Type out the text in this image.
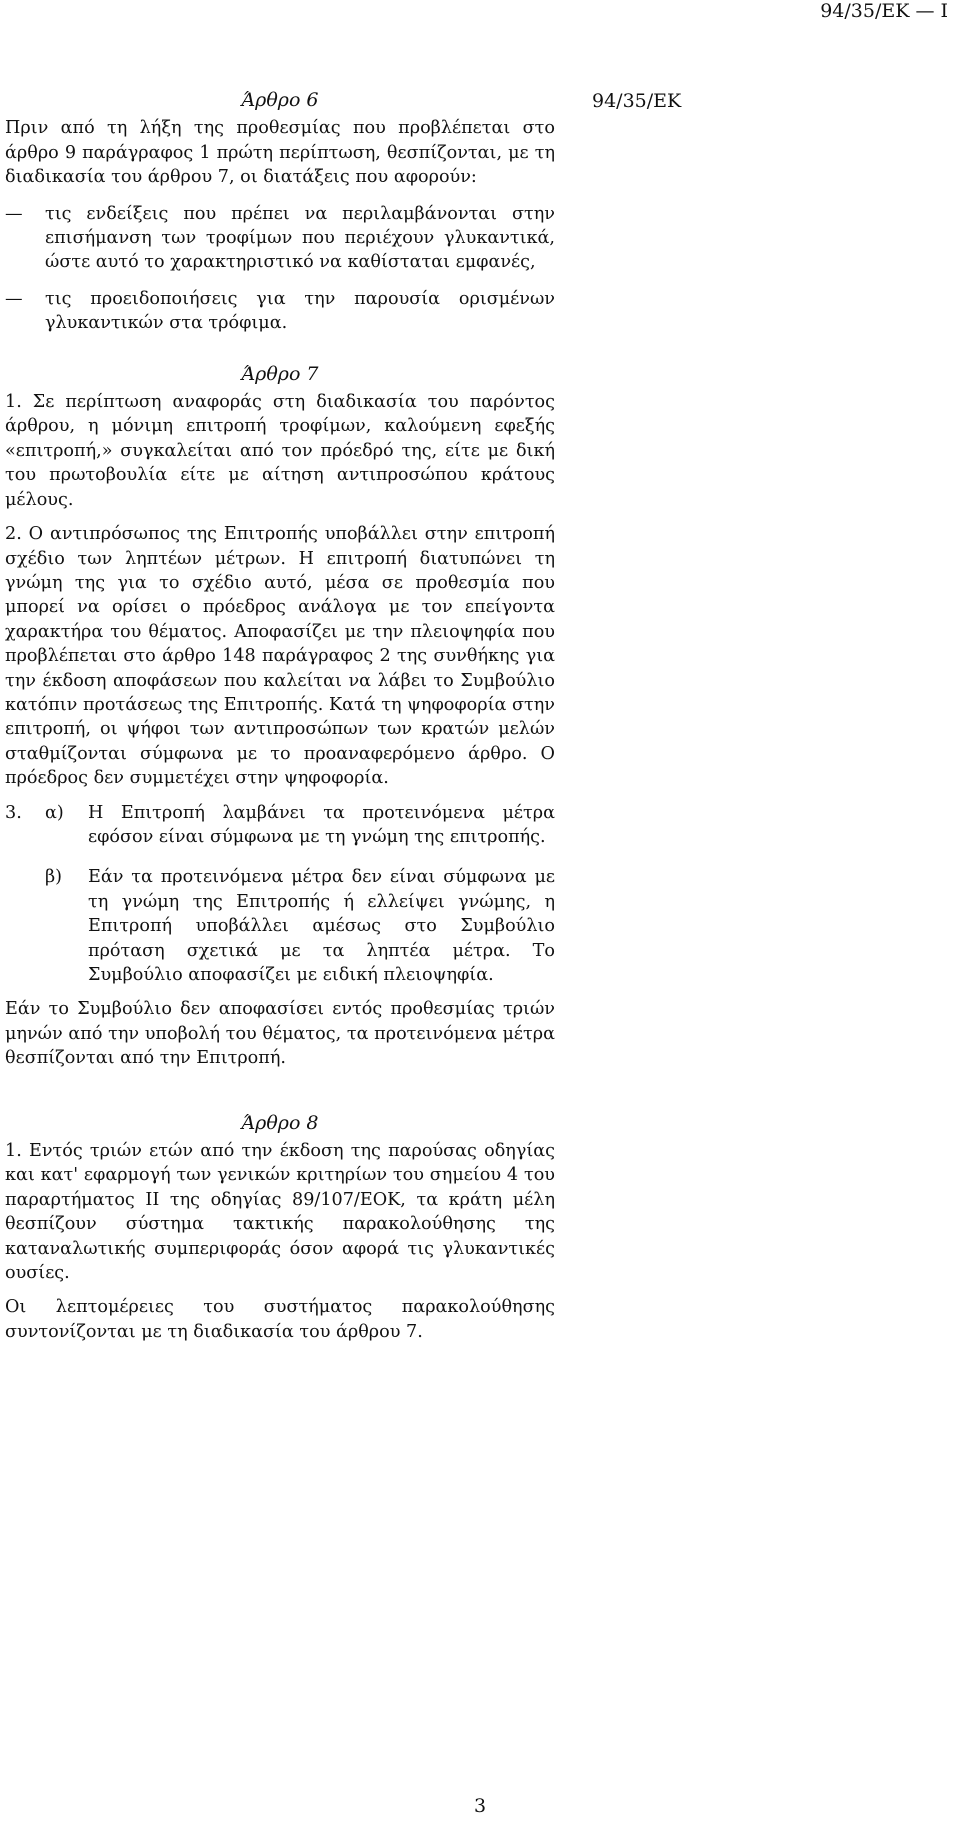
94/35/ΕΚ — I
94/35/ΕΚ
Άρθρο 6

Πριν από τη λήξη της προθεσμίας που προβλέπεται στο άρθρο 9 παράγραφος 1 πρώτη περίπτωση, θεσπίζονται, με τη διαδικασία του άρθρου 7, οι διατάξεις που αφορούν:

—	τις ενδείξεις που πρέπει να περιλαμβάνονται στην επισήμανση των τροφίμων που περιέχουν γλυκαντικά, ώστε αυτό το χαρακτηριστικό να καθίσταται εμφανές,
—	τις προειδοποιήσεις για την παρουσία ορισμένων γλυκαντικών στα τρόφιμα.
Άρθρο 7

1. Σε περίπτωση αναφοράς στη διαδικασία του παρόντος άρθρου, η μόνιμη επιτροπή τροφίμων, καλούμενη εφεξής «επιτροπή,» συγκαλείται από τον πρόεδρό της, είτε με δική του πρωτοβουλία είτε με αίτηση αντιπροσώπου κράτους μέλους.

2. Ο αντιπρόσωπος της Επιτροπής υποβάλλει στην επιτροπή σχέδιο των ληπτέων μέτρων. Η επιτροπή διατυπώνει τη γνώμη της για το σχέδιο αυτό, μέσα σε προθεσμία που μπορεί να ορίσει ο πρόεδρος ανάλογα με τον επείγοντα χαρακτήρα του θέματος. Αποφασίζει με την πλειοψηφία που προβλέπεται στο άρθρο 148 παράγραφος 2 της συνθήκης για την έκδοση αποφάσεων που καλείται να λάβει το Συμβούλιο κατόπιν προτάσεως της Επιτροπής. Κατά τη ψηφοφορία στην επιτροπή, οι ψήφοι των αντιπροσώπων των κρατών μελών σταθμίζονται σύμφωνα με το προαναφερόμενο άρθρο. Ο πρόεδρος δεν συμμετέχει στην ψηφοφορία.

3.	α)	Η Επιτροπή λαμβάνει τα προτεινόμενα μέτρα εφόσον είναι σύμφωνα με τη γνώμη της επιτροπής.
β)	Εάν τα προτεινόμενα μέτρα δεν είναι σύμφωνα με τη γνώμη της Επιτροπής ή ελλείψει γνώμης, η Επιτροπή υποβάλλει αμέσως στο Συμβούλιο πρόταση σχετικά με τα ληπτέα μέτρα. Το Συμβούλιο αποφασίζει με ειδική πλειοψηφία.

Εάν το Συμβούλιο δεν αποφασίσει εντός προθεσμίας τριών μηνών από την υποβολή του θέματος, τα προτεινόμενα μέτρα θεσπίζονται από την Επιτροπή.

Άρθρο 8

1. Εντός τριών ετών από την έκδοση της παρούσας οδηγίας και κατ' εφαρμογή των γενικών κριτηρίων του σημείου 4 του παραρτήματος II της οδηγίας 89/107/ΕΟΚ, τα κράτη μέλη θεσπίζουν σύστημα τακτικής παρακολούθησης της καταναλωτικής συμπεριφοράς όσον αφορά τις γλυκαντικές ουσίες.

Οι λεπτομέρειες του συστήματος παρακολούθησης συντονίζονται με τη διαδικασία του άρθρου 7.

3
